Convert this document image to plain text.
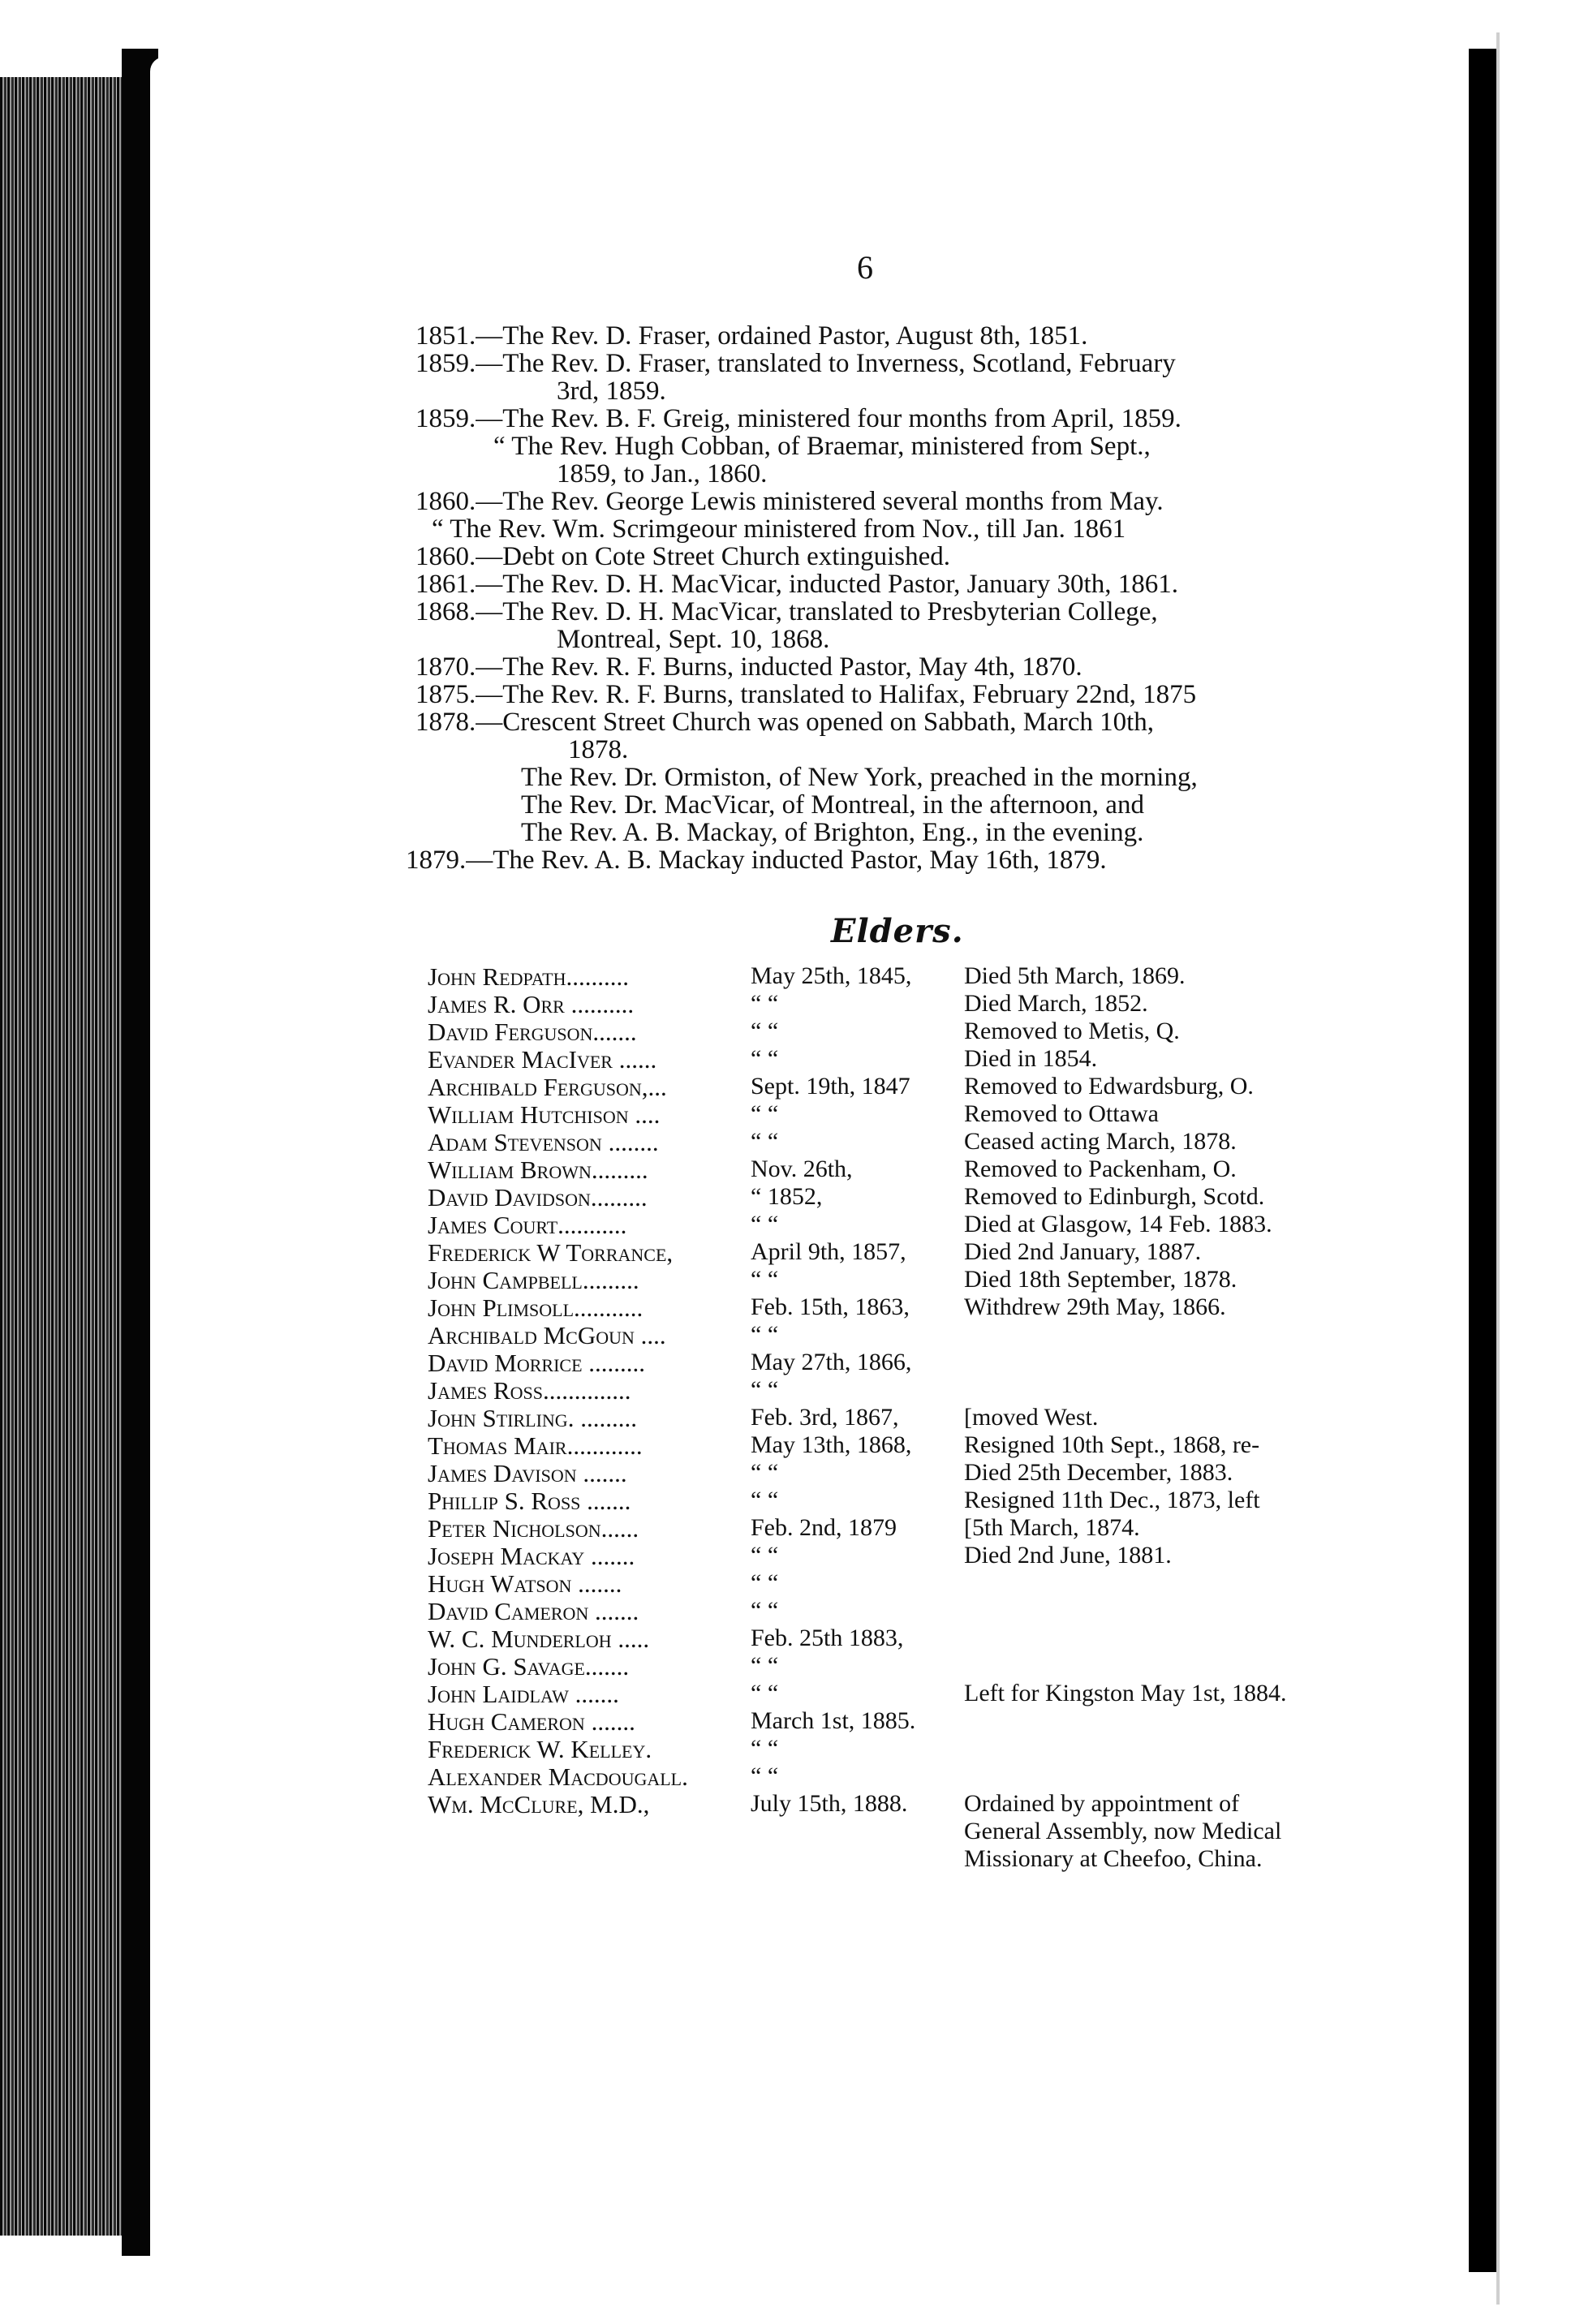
6
1851.—The Rev. D. Fraser, ordained Pastor, August 8th, 1851.
1859.—The Rev. D. Fraser, translated to Inverness, Scotland, February
3rd, 1859.
1859.—The Rev. B. F. Greig, ministered four months from April, 1859.
“ The Rev. Hugh Cobban, of Braemar, ministered from Sept.,
1859, to Jan., 1860.
1860.—The Rev. George Lewis ministered several months from May.
“ The Rev. Wm. Scrimgeour ministered from Nov., till Jan. 1861
1860.—Debt on Cote Street Church extinguished.
1861.—The Rev. D. H. MacVicar, inducted Pastor, January 30th, 1861.
1868.—The Rev. D. H. MacVicar, translated to Presbyterian College,
Montreal, Sept. 10, 1868.
1870.—The Rev. R. F. Burns, inducted Pastor, May 4th, 1870.
1875.—The Rev. R. F. Burns, translated to Halifax, February 22nd, 1875
1878.—Crescent Street Church was opened on Sabbath, March 10th,
1878.
The Rev. Dr. Ormiston, of New York, preached in the morning,
The Rev. Dr. MacVicar, of Montreal, in the afternoon, and
The Rev. A. B. Mackay, of Brighton, Eng., in the evening.
1879.—The Rev. A. B. Mackay inducted Pastor, May 16th, 1879.
Elders.
John Redpath..........	May 25th, 1845, Died 5th March, 1869.
James R. Orr ..........	“ “	Died March, 1852.
David Ferguson.......	“ “	Removed to Metis, Q.
Evander MacIver ......	“ “	Died in 1854.
Archibald Ferguson,...	Sept. 19th, 1847 Removed to Edwardsburg, O.
William Hutchison ....	“ “	Removed to Ottawa
Adam Stevenson ........	“ “	Ceased acting March, 1878.
William Brown.........	Nov. 26th,	Removed to Packenham, O.
David Davidson.........	“ 1852,	Removed to Edinburgh, Scotd.
James Court...........	“ “	Died at Glasgow, 14 Feb. 1883.
Frederick W Torrance,	April 9th, 1857, Died 2nd January, 1887.
John Campbell.........	“ “	Died 18th September, 1878.
John Plimsoll...........	Feb. 15th, 1863, Withdrew 29th May, 1866.
Archibald McGoun ....	“ “
David Morrice .........	May 27th, 1866,
James Ross..............	“ “
John Stirling. .........	Feb. 3rd, 1867,	[moved West.
Thomas Mair............	May 13th, 1868, Resigned 10th Sept., 1868, re-
James Davison .......	“ “	Died 25th December, 1883.
Phillip S. Ross .......	“ “	Resigned 11th Dec., 1873, left
Peter Nicholson......	Feb. 2nd, 1879	[5th March, 1874.
Joseph Mackay .......	“ “	Died 2nd June, 1881.
Hugh Watson .......	“ “
David Cameron .......	“ “
W. C. Munderloh .....	Feb. 25th 1883,
John G. Savage.......	“ “
John Laidlaw .......	“ “	Left for Kingston May 1st, 1884.
Hugh Cameron .......	March 1st, 1885.
Frederick W. Kelley.	“ “
Alexander Macdougall.	“ “
Wm. McClure, M.D.,	July 15th, 1888. Ordained by appointment of
General Assembly, now Medical
Missionary at Cheefoo, China.
